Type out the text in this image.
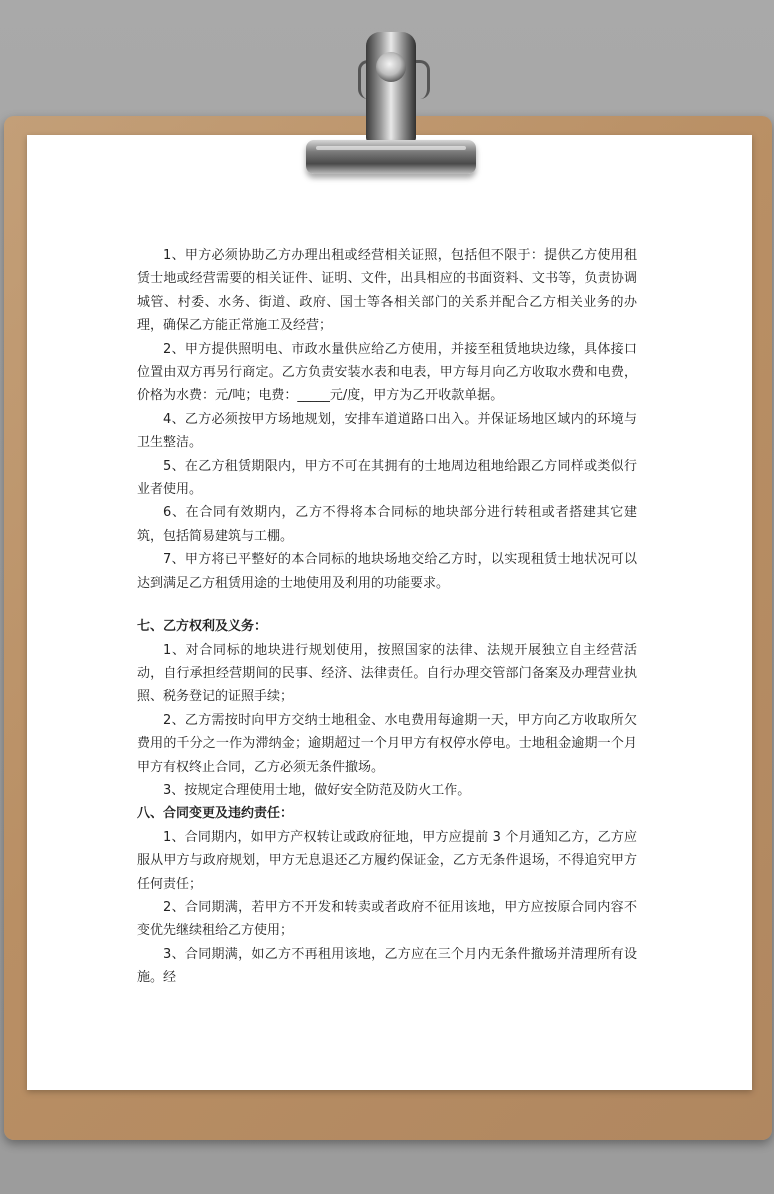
1、甲方必须协助乙方办理出租或经营相关证照，包括但不限于：提供乙方使用租赁士地或经营需要的相关证件、证明、文件，出具相应的书面资料、文书等，负责协调城管、村委、水务、街道、政府、国士等各相关部门的关系并配合乙方相关业务的办理，确保乙方能正常施工及经营；

2、甲方提供照明电、市政水量供应给乙方使用，并接至租赁地块边缘，具体接口位置由双方再另行商定。乙方负责安装水表和电表，甲方每月向乙方收取水费和电费，价格为水费：元/吨；电费：_____元/度，甲方为乙开收款单据。

4、乙方必须按甲方场地规划，安排车道道路口出入。并保证场地区域内的环境与卫生整洁。

5、在乙方租赁期限内，甲方不可在其拥有的士地周边租地给跟乙方同样或类似行业者使用。

6、在合同有效期内，乙方不得将本合同标的地块部分进行转租或者搭建其它建筑，包括简易建筑与工棚。

7、甲方将已平整好的本合同标的地块场地交给乙方时，以实现租赁士地状况可以达到满足乙方租赁用途的士地使用及利用的功能要求。

七、乙方权利及义务：

1、对合同标的地块进行规划使用，按照国家的法律、法规开展独立自主经营活动，自行承担经营期间的民事、经济、法律责任。自行办理交管部门备案及办理营业执照、税务登记的证照手续；

2、乙方需按时向甲方交纳士地租金、水电费用每逾期一天，甲方向乙方收取所欠费用的千分之一作为滞纳金；逾期超过一个月甲方有权停水停电。士地租金逾期一个月甲方有权终止合同，乙方必须无条件撤场。

3、按规定合理使用士地，做好安全防范及防火工作。

八、合同变更及违约责任：

1、合同期内，如甲方产权转让或政府征地，甲方应提前 3 个月通知乙方，乙方应服从甲方与政府规划，甲方无息退还乙方履约保证金，乙方无条件退场，不得追究甲方任何责任；

2、合同期满，若甲方不开发和转卖或者政府不征用该地，甲方应按原合同内容不变优先继续租给乙方使用；

3、合同期满，如乙方不再租用该地，乙方应在三个月内无条件撤场并清理所有设施。经
